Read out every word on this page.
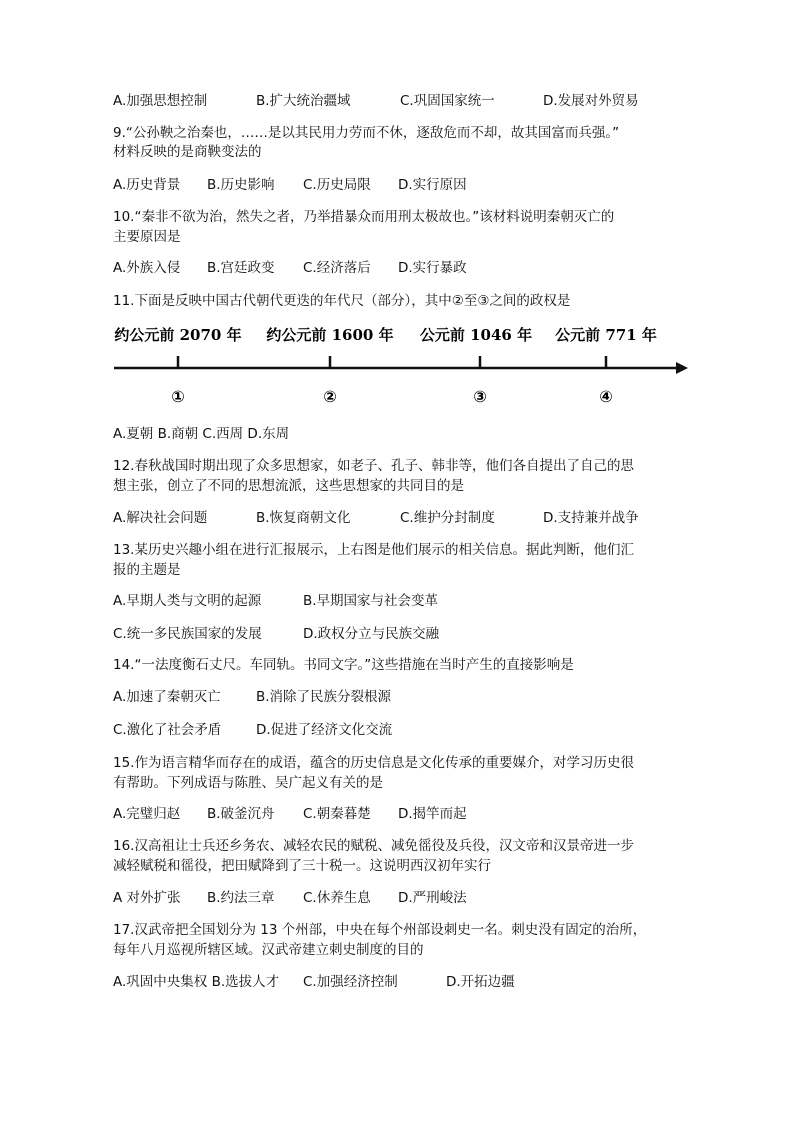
A.加强思想控制	B.扩大统治疆域	C.巩固国家统一	D.发展对外贸易
9.“公孙鞅之治秦也，……是以其民用力劳而不休，逐敌危而不却，故其国富而兵强。”
材料反映的是商鞅变法的
A.历史背景 B.历史影响 C.历史局限 D.实行原因
10.“秦非不欲为治，然失之者，乃举措暴众而用刑太极故也。”该材料说明秦朝灭亡的
主要原因是
A.外族入侵 B.宫廷政变 C.经济落后 D.实行暴政
11.下面是反映中国古代朝代更迭的年代尺（部分），其中②至③之间的政权是
约公元前 2070 年 约公元前 1600 年 公元前 1046 年 公元前 771 年
①	②	③	④
A.夏朝 B.商朝 C.西周 D.东周
12.春秋战国时期出现了众多思想家，如老子、孔子、韩非等，他们各自提出了自己的思
想主张，创立了不同的思想流派，这些思想家的共同目的是
A.解决社会问题	B.恢复商朝文化	C.维护分封制度	D.支持兼并战争
13.某历史兴趣小组在进行汇报展示，上右图是他们展示的相关信息。据此判断，他们汇
报的主题是
A.早期人类与文明的起源	B.早期国家与社会变革
C.统一多民族国家的发展	D.政权分立与民族交融
14.“一法度衡石丈尺。车同轨。书同文字。”这些措施在当时产生的直接影响是
A.加速了秦朝灭亡	B.消除了民族分裂根源
C.激化了社会矛盾	D.促进了经济文化交流
15.作为语言精华而存在的成语，蕴含的历史信息是文化传承的重要媒介，对学习历史很
有帮助。下列成语与陈胜、吴广起义有关的是
A.完璧归赵 B.破釜沉舟 C.朝秦暮楚 D.揭竿而起
16.汉高祖让士兵还乡务农、减轻农民的赋税、减免徭役及兵役，汉文帝和汉景帝进一步
减轻赋税和徭役，把田赋降到了三十税一。这说明西汉初年实行
A 对外扩张 B.约法三章 C.休养生息 D.严刑峻法
17.汉武帝把全国划分为 13 个州部，中央在每个州部设刺史一名。刺史没有固定的治所，
每年八月巡视所辖区域。汉武帝建立刺史制度的目的
A.巩固中央集权 B.选拔人才 C.加强经济控制	D.开拓边疆
